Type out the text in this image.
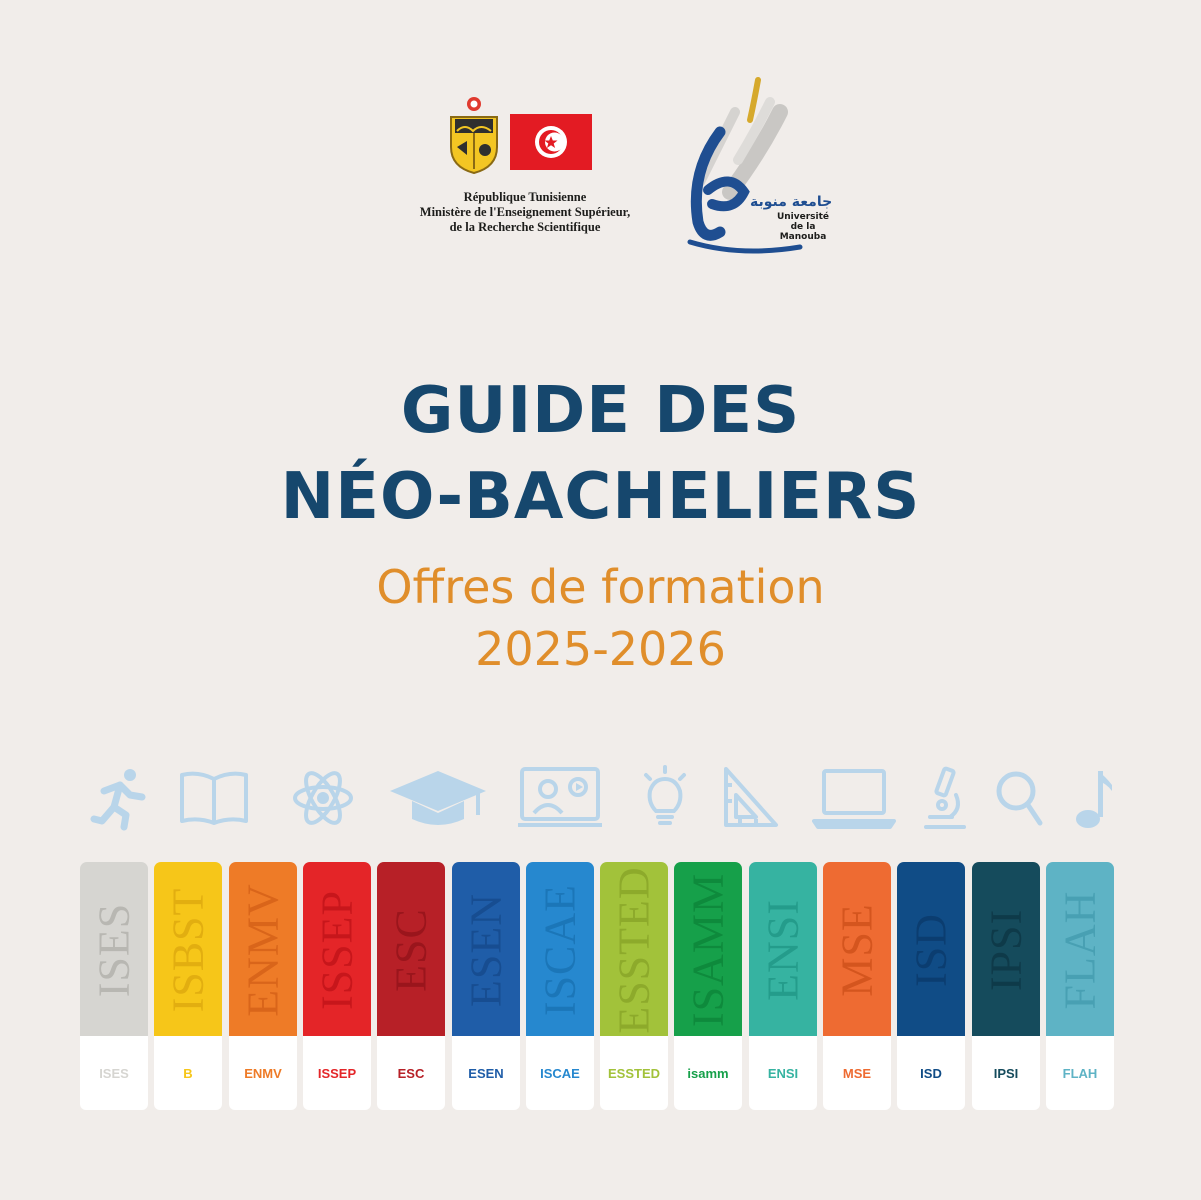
République Tunisienne
Ministère de l'Enseignement Supérieur,
de la Recherche Scientifique
جامعة منوبة
Université
de la Manouba
GUIDE DES
NÉO-BACHELIERS
Offres de formation
2025-2026
ISES
ISES
ISBST
B
ENMV
ENMV
ISSEP
ISSEP
ESC
ESC
ESEN
ESEN
ISCAE
ISCAE
ESSTED
ESSTED
ISAMM
isamm
ENSI
ENSI
MSE
MSE
ISD
ISD
IPSI
IPSI
FLAH
FLAH
